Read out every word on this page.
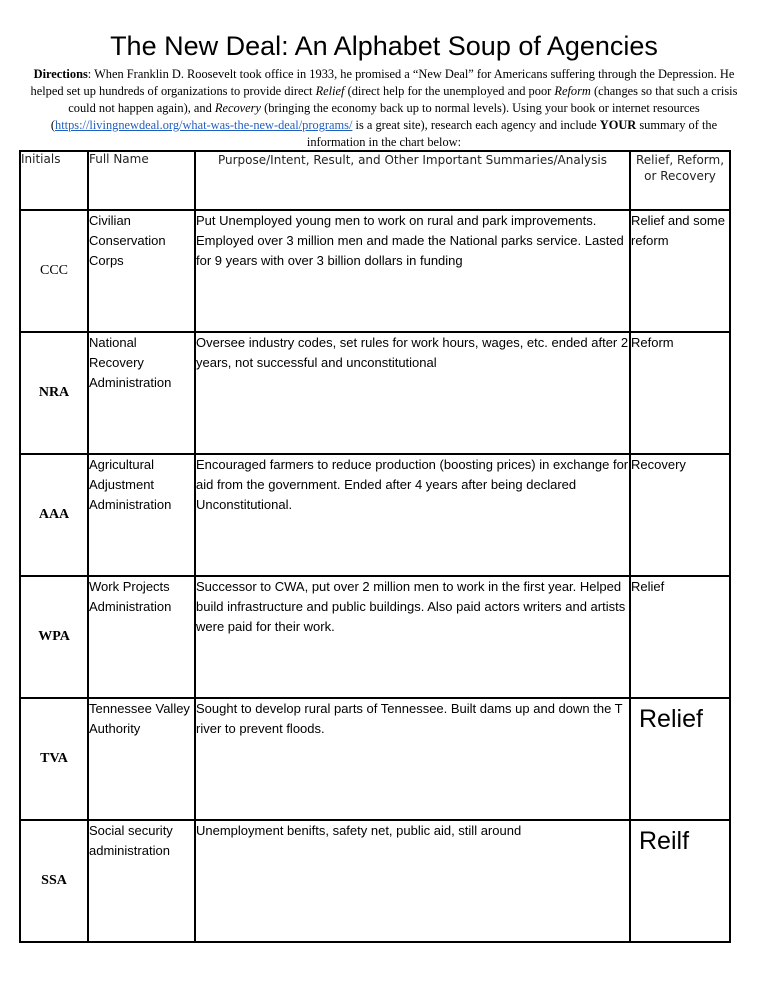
The New Deal: An Alphabet Soup of Agencies
Directions: When Franklin D. Roosevelt took office in 1933, he promised a “New Deal” for Americans suffering through the Depression. He helped set up hundreds of organizations to provide direct Relief (direct help for the unemployed and poor Reform (changes so that such a crisis could not happen again), and Recovery (bringing the economy back up to normal levels). Using your book or internet resources (https://livingnewdeal.org/what-was-the-new-deal/programs/ is a great site), research each agency and include YOUR summary of the information in the chart below:
Initials	Full Name	Purpose/Intent, Result, and Other Important Summaries/Analysis	Relief, Reform, or Recovery
CCC	Civilian Conservation Corps	Put Unemployed young men to work on rural and park improvements. Employed over 3 million men and made the National parks service. Lasted for 9 years with over 3 billion dollars in funding	Relief and some reform
NRA	National Recovery Administration	Oversee industry codes, set rules for work hours, wages, etc. ended after 2 years, not successful and unconstitutional	Reform
AAA	Agricultural Adjustment Administration	Encouraged farmers to reduce production (boosting prices) in exchange for aid from the government. Ended after 4 years after being declared Unconstitutional.	Recovery
WPA	Work Projects Administration	Successor to CWA, put over 2 million men to work in the first year. Helped build infrastructure and public buildings. Also paid actors writers and artists were paid for their work.	Relief
TVA	Tennessee Valley Authority	Sought to develop rural parts of Tennessee. Built dams up and down the T river to prevent floods.	Relief
SSA	Social security administration	Unemployment benifts, safety net, public aid, still around	Reilf
